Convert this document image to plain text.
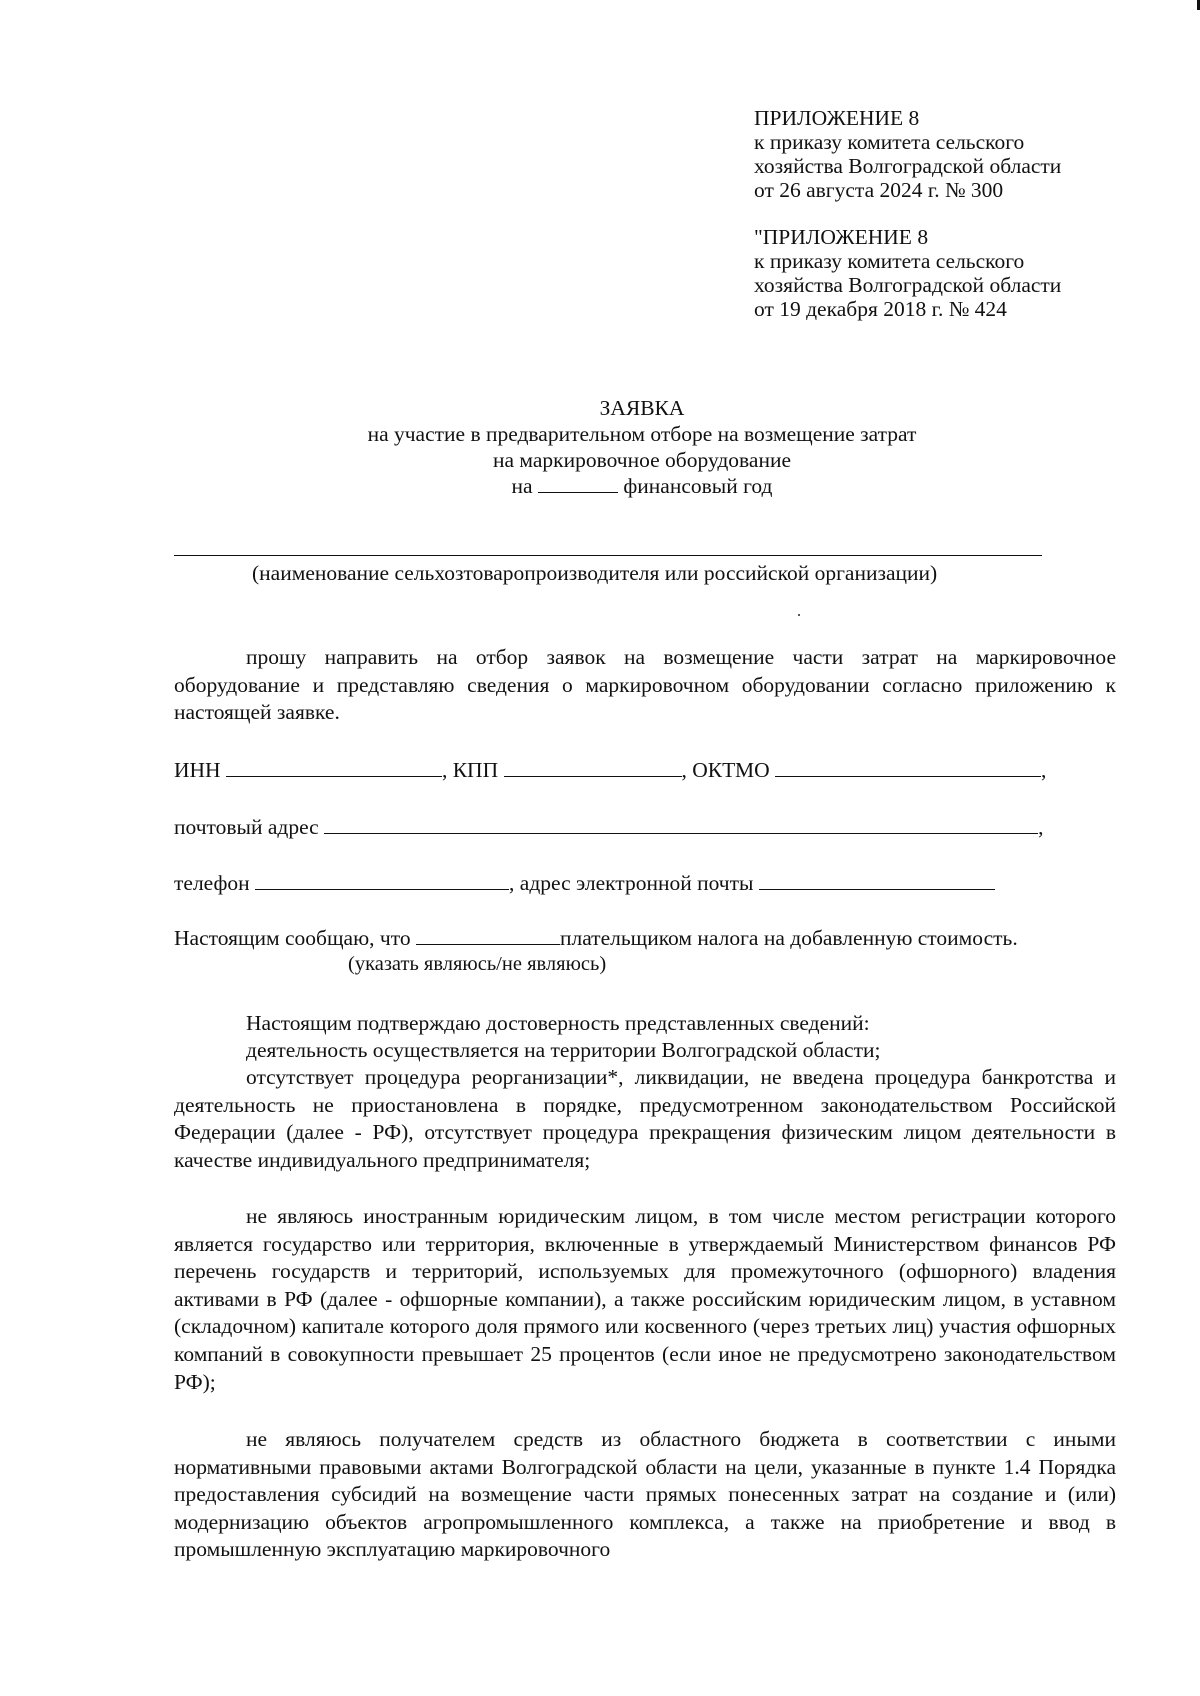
ПРИЛОЖЕНИЕ 8
к приказу комитета сельского
хозяйства Волгоградской области
от 26 августа 2024 г. № 300
"ПРИЛОЖЕНИЕ 8
к приказу комитета сельского
хозяйства Волгоградской области
от 19 декабря 2018 г. № 424
ЗАЯВКА
на участие в предварительном отборе на возмещение затрат
на маркировочное оборудование
на	финансовый год
(наименование сельхозтоваропроизводителя или российской организации)

прошу направить на отбор заявок на возмещение части затрат на маркировочное оборудование и представляю сведения о маркировочном оборудовании согласно приложению к настоящей заявке.

ИНН	, КПП	, ОКТМО	,
почтовый адрес	,
телефон	, адрес электронной почты
Настоящим сообщаю, что	плательщиком налога на добавленную стоимость.
(указать являюсь/не являюсь)
Настоящим подтверждаю достоверность представленных сведений:
деятельность осуществляется на территории Волгоградской области;

отсутствует процедура реорганизации*, ликвидации, не введена процедура банкротства и деятельность не приостановлена в порядке, предусмотренном законодательством Российской Федерации (далее - РФ), отсутствует процедура прекращения физическим лицом деятельности в качестве индивидуального предпринимателя;

не являюсь иностранным юридическим лицом, в том числе местом регистрации которого является государство или территория, включенные в утверждаемый Министерством финансов РФ перечень государств и территорий, используемых для промежуточного (офшорного) владения активами в РФ (далее - офшорные компании), а также российским юридическим лицом, в уставном (складочном) капитале которого доля прямого или косвенного (через третьих лиц) участия офшорных компаний в совокупности превышает 25 процентов (если иное не предусмотрено законодательством РФ);

не являюсь получателем средств из областного бюджета в соответствии с иными нормативными правовыми актами Волгоградской области на цели, указанные в пункте 1.4 Порядка предоставления субсидий на возмещение части прямых понесенных затрат на создание и (или) модернизацию объектов агропромышленного комплекса, а также на приобретение и ввод в промышленную эксплуатацию маркировочного
